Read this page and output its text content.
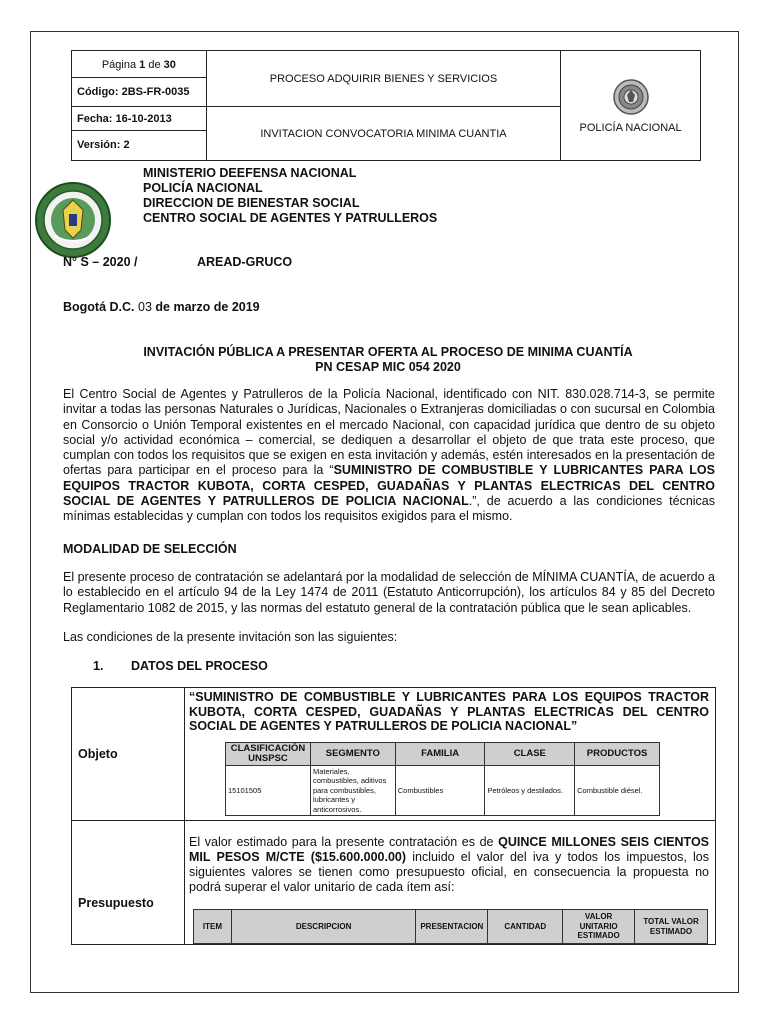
Página 1 de 30
Código: 2BS-FR-0035	PROCESO ADQUIRIR BIENES Y SERVICIOS	POLICÍA NACIONAL

Fecha: 16-10-2013
Versión: 2	INVITACION CONVOCATORIA MINIMA CUANTIA	
MINISTERIO DEEFENSA NACIONAL
POLICÍA NACIONAL
DIRECCION DE BIENESTAR SOCIAL
CENTRO SOCIAL DE AGENTES Y PATRULLEROS
N° S – 2020 /	AREAD-GRUCO
Bogotá D.C. 03 de marzo de 2019
INVITACIÓN PÚBLICA A PRESENTAR OFERTA AL PROCESO DE MINIMA CUANTÍA
PN CESAP MIC 054 2020
El Centro Social de Agentes y Patrulleros de la Policía Nacional, identificado con NIT. 830.028.714-3, se permite invitar a todas las personas Naturales o Jurídicas, Nacionales o Extranjeras domiciliadas o con sucursal en Colombia en Consorcio o Unión Temporal existentes en el mercado Nacional, con capacidad jurídica que dentro de su objeto social y/o actividad económica – comercial, se dediquen a desarrollar el objeto de que trata este proceso, que cumplan con todos los requisitos que se exigen en esta invitación y además, estén interesados en la presentación de ofertas para participar en el proceso para la “SUMINISTRO DE COMBUSTIBLE Y LUBRICANTES PARA LOS EQUIPOS TRACTOR KUBOTA, CORTA CESPED, GUADAÑAS Y PLANTAS ELECTRICAS DEL CENTRO SOCIAL DE AGENTES Y PATRULLEROS DE POLICIA NACIONAL.”, de acuerdo a las condiciones técnicas mínimas establecidas y cumplan con todos los requisitos exigidos para el mismo.
MODALIDAD DE SELECCIÓN
El presente proceso de contratación se adelantará por la modalidad de selección de MÍNIMA CUANTÍA, de acuerdo a lo establecido en el artículo 94 de la Ley 1474 de 2011 (Estatuto Anticorrupción), los artículos 84 y 85 del Decreto Reglamentario 1082 de 2015, y las normas del estatuto general de la contratación pública que le sean aplicables.
Las condiciones de la presente invitación son las siguientes:
1. DATOS DEL PROCESO
Objeto	
“SUMINISTRO DE COMBUSTIBLE Y LUBRICANTES PARA LOS EQUIPOS TRACTOR KUBOTA, CORTA CESPED, GUADAÑAS Y PLANTAS ELECTRICAS DEL CENTRO SOCIAL DE AGENTES Y PATRULLEROS DE POLICIA NACIONAL”
CLASIFICACIÓN UNSPSC	SEGMENTO	FAMILIA	CLASE	PRODUCTOS
15101505	Materiales, combustibles, aditivos para combustibles, lubricantes y anticorrosivos.	Combustibles	Petróleos y destilados.	Combustible diésel.

Presupuesto	
El valor estimado para la presente contratación es de QUINCE MILLONES SEIS CIENTOS MIL PESOS M/CTE ($15.600.000.00) incluido el valor del iva y todos los impuestos, los siguientes valores se tienen como presupuesto oficial, en consecuencia la propuesta no podrá superar el valor unitario de cada ítem así:
ITEM	DESCRIPCION	PRESENTACION	CANTIDAD	VALOR UNITARIO ESTIMADO	TOTAL VALOR ESTIMADO
